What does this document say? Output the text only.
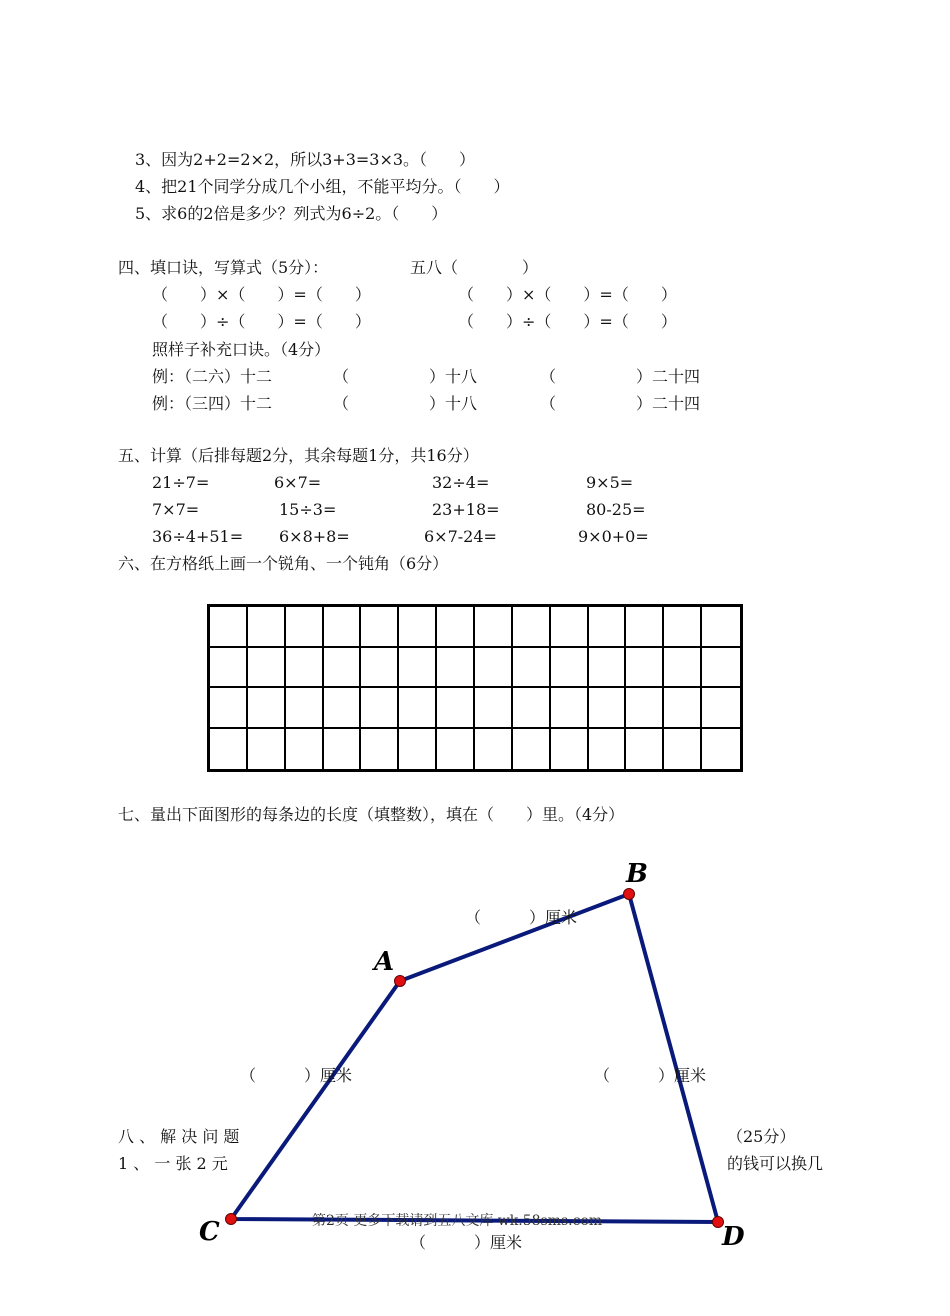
3、因为2+2=2×2，所以3+3=3×3。（　　）
4、把21个同学分成几个小组，不能平均分。（　　）
5、求6的2倍是多少？列式为6÷2。（　　）
四、填口诀，写算式（5分）：	五八（　　　　）
（　　）×（　　）=（　　）	（　　）×（　　）=（　　）
（　　）÷（　　）=（　　）	（　　）÷（　　）=（　　）
照样子补充口诀。（4分）
例：（二六）十二	（　　　　　）十八	（　　　　　）二十四
例：（三四）十二	（　　　　　）十八	（　　　　　）二十四
五、计算（后排每题2分，其余每题1分，共16分）
21÷7=	6×7=	32÷4=	9×5=
7×7=	15÷3=	23+18=	80-25=
36÷4+51= 6×8+8=	6×7-24=	9×0+0=
六、在方格纸上画一个锐角、一个钝角（6分）
七、量出下面图形的每条边的长度（填整数），填在（　　）里。（4分）
A
B
C	D
（　　　）厘米
（　　　）厘米	（　　　）厘米
（　　　）厘米
八 、 解 决 问 题	（25分）
1 、 一 张 2 元	的钱可以换几
第2页 更多下载请到五八文库 wk.58sms.com
